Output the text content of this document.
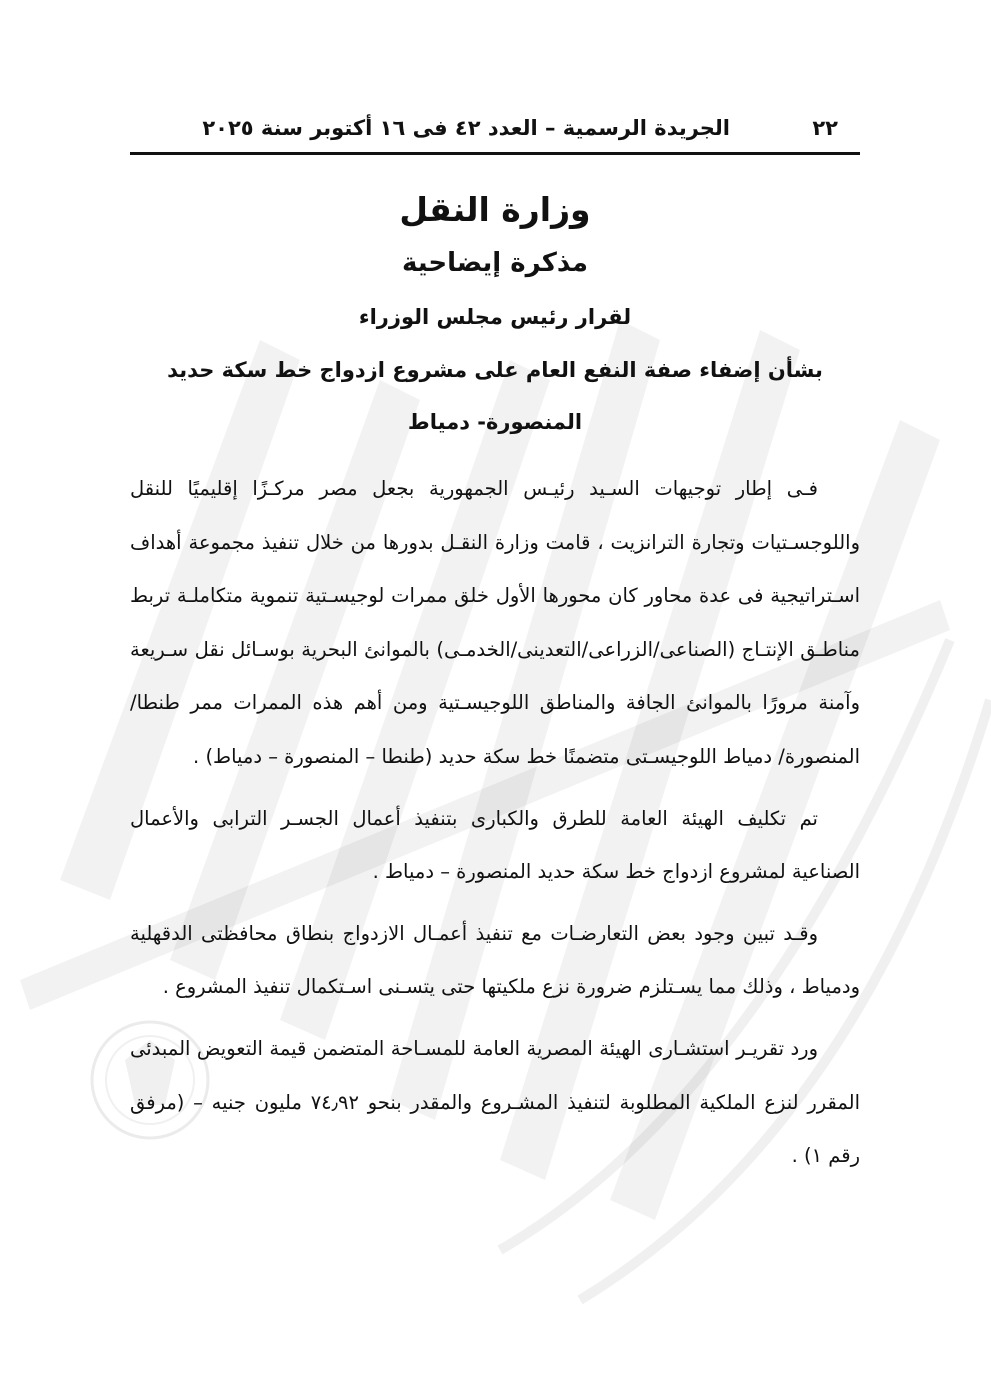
٢٢
الجريدة الرسمية – العدد ٤٢ فى ١٦ أكتوبر سنة ٢٠٢٥
وزارة النقل
مذكرة إيضاحية
لقرار رئيس مجلس الوزراء
بشأن إضفاء صفة النفع العام على مشروع ازدواج خط سكة حديد
المنصورة- دمياط

فـى إطار توجيهات السـيد رئيـس الجمهورية بجعل مصر مركـزًا إقليميًا للنقل واللوجسـتيات وتجارة الترانزيت ، قامت وزارة النقـل بدورها من خلال تنفيذ مجموعة أهداف اسـتراتيجية فى عدة محاور كان محورها الأول خلق ممرات لوجيسـتية تنموية متكاملـة تربط مناطـق الإنتـاج (الصناعى/الزراعى/التعدينى/الخدمـى) بالموانئ البحرية بوسـائل نقل سـريعة وآمنة مرورًا بالموانئ الجافة والمناطق اللوجيسـتية ومن أهم هذه الممرات ممر طنطا/ المنصورة/ دمياط اللوجيسـتى متضمنًا خط سكة حديد (طنطا – المنصورة – دمياط) .

تم تكليف الهيئة العامة للطرق والكبارى بتنفيذ أعمال الجسـر الترابى والأعمال الصناعية لمشروع ازدواج خط سكة حديد المنصورة – دمياط .

وقـد تبين وجود بعض التعارضـات مع تنفيذ أعمـال الازدواج بنطاق محافظتى الدقهلية ودمياط ، وذلك مما يسـتلزم ضرورة نزع ملكيتها حتى يتسـنى اسـتكمال تنفيذ المشروع .

ورد تقريـر استشـارى الهيئة المصرية العامة للمسـاحة المتضمن قيمة التعويض المبدئى المقرر لنزع الملكية المطلوبة لتنفيذ المشـروع والمقدر بنحو ٧٤٫٩٢ مليون جنيه – (مرفق رقم ١) .
